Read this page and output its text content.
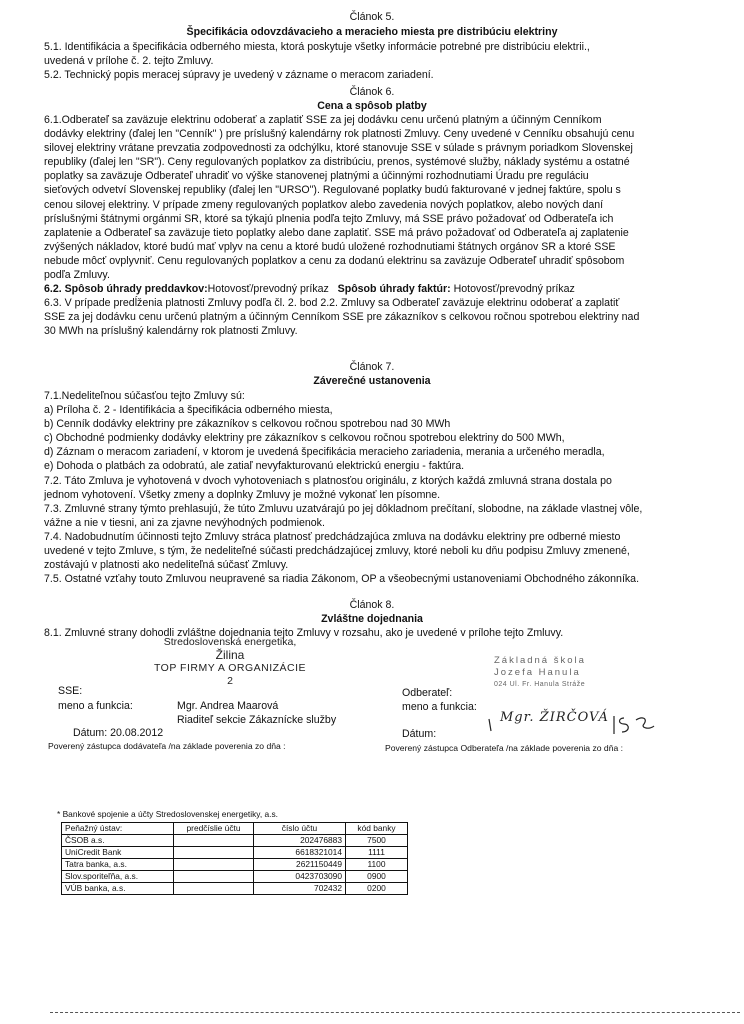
Článok 5.
Špecifikácia odovzdávacieho a meracieho miesta pre distribúciu elektriny

5.1. Identifikácia a špecifikácia odberného miesta, ktorá poskytuje všetky informácie potrebné pre distribúciu elektrii.,

uvedená v prílohe č. 2. tejto Zmluvy.

5.2. Technický popis meracej súpravy je uvedený v zázname o meracom zariadení.

Článok 6.
Cena a spôsob platby

6.1.Odberateľ sa zaväzuje elektrinu odoberať a zaplatiť SSE za jej dodávku cenu určenú platným a účinným Cenníkom

dodávky elektriny (ďalej len "Cenník" ) pre príslušný kalendárny rok platnosti Zmluvy. Ceny uvedené v Cenníku obsahujú cenu

silovej elektriny vrátane prevzatia zodpovednosti za odchýlku, ktoré stanovuje SSE v súlade s právnym poriadkom Slovenskej

republiky (ďalej len "SR"). Ceny regulovaných poplatkov za distribúciu, prenos, systémové služby, náklady systému a ostatné

poplatky sa zaväzuje Odberateľ uhradiť vo výške stanovenej platnými a účinnými rozhodnutiami Úradu pre reguláciu

sieťových odvetví Slovenskej republiky (ďalej len "URSO"). Regulované poplatky budú fakturované v jednej faktúre, spolu s

cenou silovej elektriny. V prípade zmeny regulovaných poplatkov alebo zavedenia nových poplatkov, alebo nových daní

príslušnými štátnymi orgánmi SR, ktoré sa týkajú plnenia podľa tejto Zmluvy, má SSE právo požadovať od Odberateľa ich

zaplatenie a Odberateľ sa zaväzuje tieto poplatky alebo dane zaplatiť. SSE má právo požadovať od Odberateľa aj zaplatenie

zvýšených nákladov, ktoré budú mať vplyv na cenu a ktoré budú uložené rozhodnutiami štátnych orgánov SR a ktoré SSE

nebude môcť ovplyvniť. Cenu regulovaných poplatkov a cenu za dodanú elektrinu sa zaväzuje Odberateľ uhradiť spôsobom

podľa Zmluvy.

6.2. Spôsob úhrady preddavkov:Hotovosť/prevodný príkaz Spôsob úhrady faktúr: Hotovosť/prevodný príkaz

6.3. V prípade predĺženia platnosti Zmluvy podľa čl. 2. bod 2.2. Zmluvy sa Odberateľ zaväzuje elektrinu odoberať a zaplatiť

SSE za jej dodávku cenu určenú platným a účinným Cenníkom SSE pre zákazníkov s celkovou ročnou spotrebou elektriny nad

30 MWh na príslušný kalendárny rok platnosti Zmluvy.

Článok 7.
Záverečné ustanovenia

7.1.Nedeliteľnou súčasťou tejto Zmluvy sú:

a) Príloha č. 2 - Identifikácia a špecifikácia odberného miesta,

b) Cenník dodávky elektriny pre zákazníkov s celkovou ročnou spotrebou nad 30 MWh

c) Obchodné podmienky dodávky elektriny pre zákazníkov s celkovou ročnou spotrebou elektriny do 500 MWh,

d) Záznam o meracom zariadení, v ktorom je uvedená špecifikácia meracieho zariadenia, merania a určeného meradla,

e) Dohoda o platbách za odobratú, ale zatiaľ nevyfakturovanú elektrickú energiu - faktúra.

7.2. Táto Zmluva je vyhotovená v dvoch vyhotoveniach s platnosťou originálu, z ktorých každá zmluvná strana dostala po

jednom vyhotovení. Všetky zmeny a doplnky Zmluvy je možné vykonať len písomne.

7.3. Zmluvné strany týmto prehlasujú, že túto Zmluvu uzatvárajú po jej dôkladnom prečítaní, slobodne, na základe vlastnej vôle,

vážne a nie v tiesni, ani za zjavne nevýhodných podmienok.

7.4. Nadobudnutím účinnosti tejto Zmluvy stráca platnosť predchádzajúca zmluva na dodávku elektriny pre odberné miesto

uvedené v tejto Zmluve, s tým, že nedeliteľné súčasti predchádzajúcej zmluvy, ktoré neboli ku dňu podpisu Zmluvy zmenené,

zostávajú v platnosti ako nedeliteľná súčasť Zmluvy.

7.5. Ostatné vzťahy touto Zmluvou neupravené sa riadia Zákonom, OP a všeobecnými ustanoveniami Obchodného zákonníka.

Článok 8.
Zvláštne dojednania

8.1. Zmluvné strany dohodli zvláštne dojednania tejto Zmluvy v rozsahu, ako je uvedené v prílohe tejto Zmluvy.

Stredoslovenská energetika,
Žilina
TOP FIRMY A ORGANIZÁCIE
2
Základná škola
Jozefa Hanula
024 Ul. Fr. Hanula Stráže
SSE:
meno a funkcia:	Mgr. Andrea Maarová
Riaditeľ sekcie Zákaznícke služby
Dátum: 20.08.2012
Poverený zástupca dodávateľa /na základe poverenia zo dňa :
Odberateľ:
meno a funkcia:
Dátum:
Poverený zástupca Odberateľa /na základe poverenia zo dňa :
Mgr. ŽIRČOVÁ
* Bankové spojenie a účty Stredoslovenskej energetiky, a.s.
Peňažný ústav:	predčíslie účtu	číslo účtu	kód banky
ČSOB a.s.		202476883	7500
UniCredit Bank		6618321014	1111
Tatra banka, a.s.		2621150449	1100
Slov.sporiteľňa, a.s.		0423703090	0900
VÚB banka, a.s.		702432	0200
